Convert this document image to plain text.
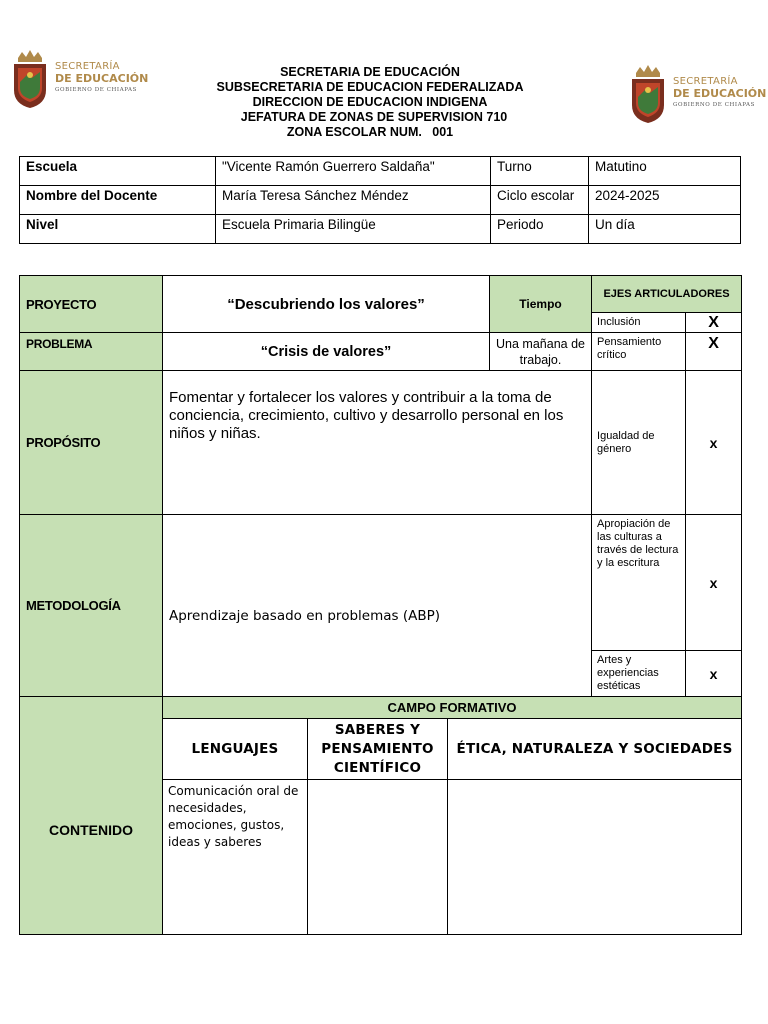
SECRETARÍA
DE EDUCACIÓN
GOBIERNO DE CHIAPAS
SECRETARÍA
DE EDUCACIÓN
GOBIERNO DE CHIAPAS
SECRETARIA DE EDUCACIÓN
SUBSECRETARIA DE EDUCACION FEDERALIZADA
DIRECCION DE EDUCACION INDIGENA
JEFATURA DE ZONAS DE SUPERVISION 710
ZONA ESCOLAR NUM.   001
Escuela	"Vicente Ramón Guerrero Saldaña"	Turno	Matutino
Nombre del Docente	María Teresa Sánchez Méndez	Ciclo escolar	2024-2025
Nivel	Escuela Primaria Bilingüe	Periodo	Un día
PROYECTO	“Descubriendo los valores”			Tiempo	EJES ARTICULADORES	
					Inclusión	X
PROBLEMA	“Crisis de valores”			Una mañana de trabajo.	Pensamiento crítico	X
PROPÓSITO	Fomentar y fortalecer los valores y contribuir a la toma de conciencia, crecimiento, cultivo y desarrollo personal en los niños y niñas.				Igualdad de género	x
METODOLOGÍA	Aprendizaje basado en problemas (ABP)				Apropiación de las culturas a través de lectura y la escritura	x
					Artes y experiencias estéticas	x
	CAMPO FORMATIVO					
CONTENIDO	LENGUAJES	SABERES Y PENSAMIENTO CIENTÍFICO	ÉTICA, NATURALEZA Y SOCIEDADES			
	Comunicación oral de necesidades, emociones, gustos, ideas y saberes					
